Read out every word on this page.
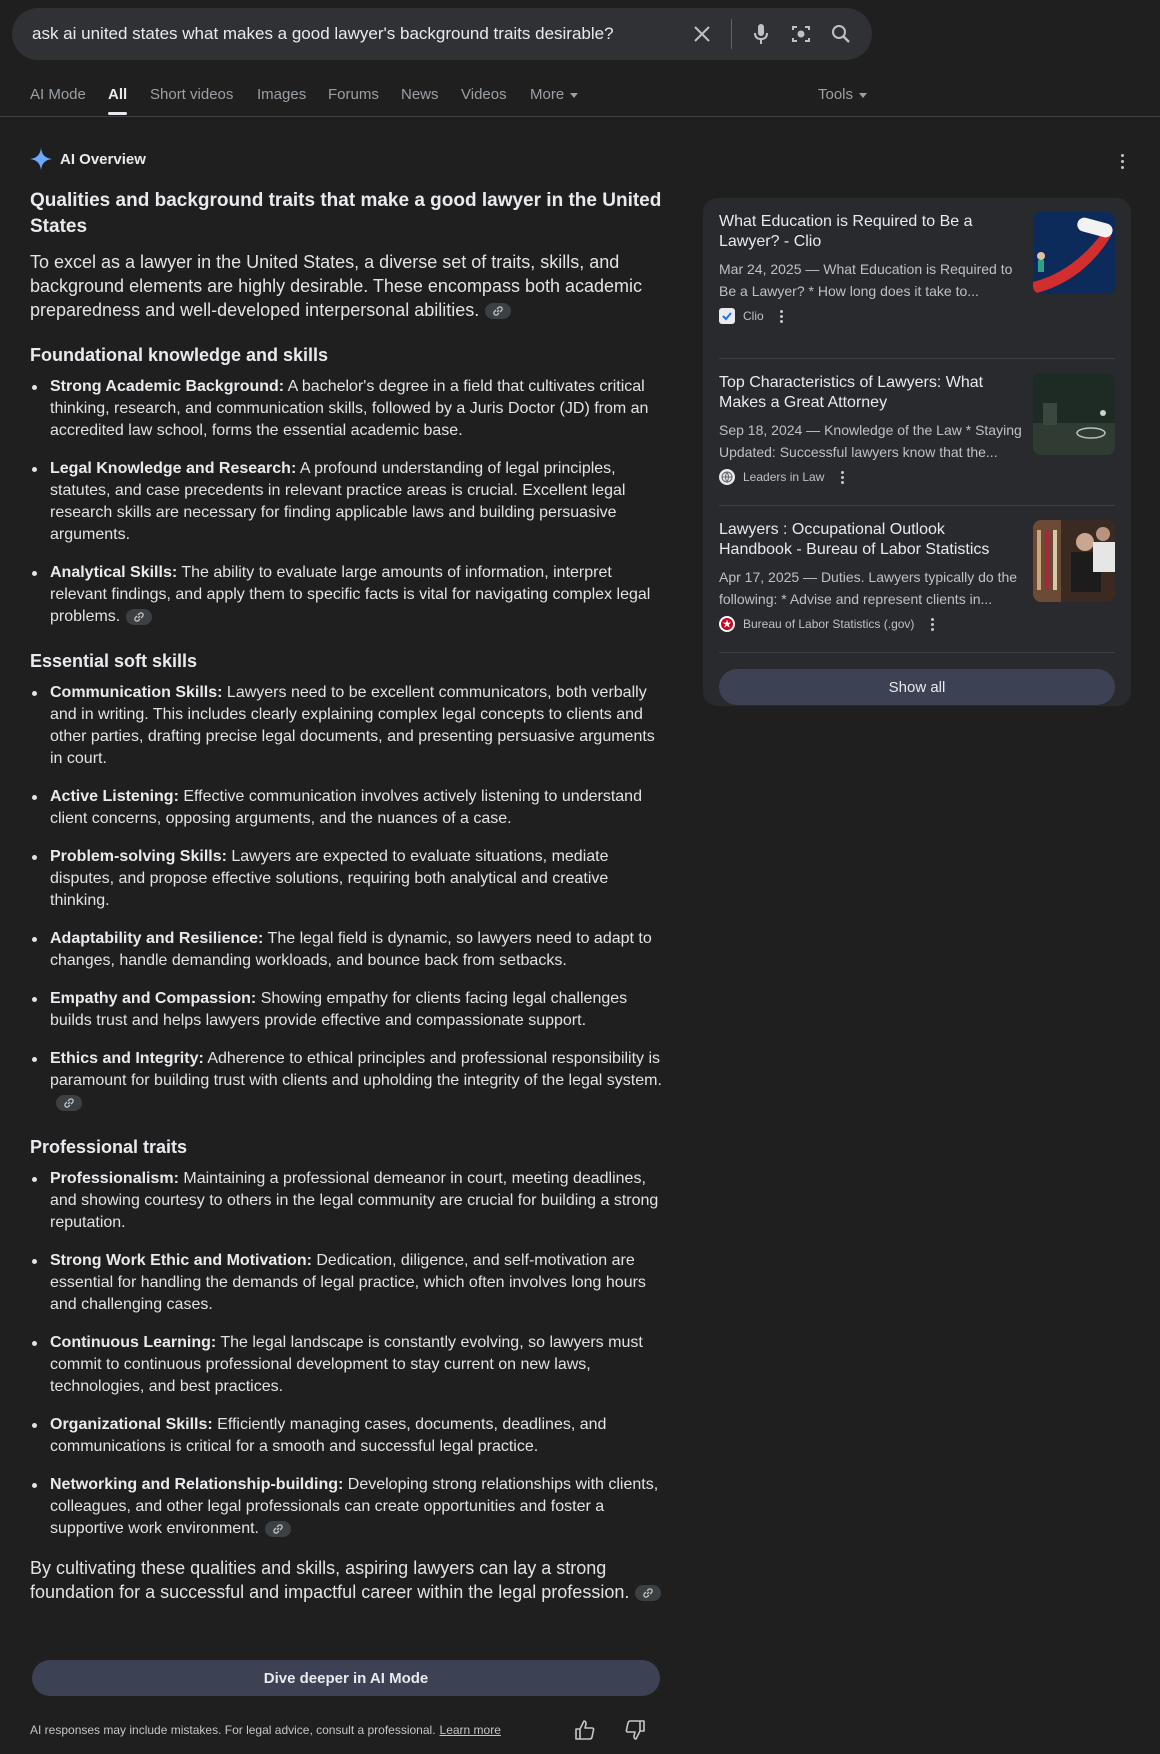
ask ai united states what makes a good lawyer's background traits desirable?
AI Mode All Short videos Images Forums News Videos More	Tools
AI Overview
Qualities and background traits that make a good lawyer in the United States

To excel as a lawyer in the United States, a diverse set of traits, skills, and background elements are highly desirable. These encompass both academic preparedness and well-developed interpersonal abilities.

Foundational knowledge and skills
Strong Academic Background: A bachelor's degree in a field that cultivates critical thinking, research, and communication skills, followed by a Juris Doctor (JD) from an accredited law school, forms the essential academic base.
Legal Knowledge and Research: A profound understanding of legal principles, statutes, and case precedents in relevant practice areas is crucial. Excellent legal research skills are necessary for finding applicable laws and building persuasive arguments.
Analytical Skills: The ability to evaluate large amounts of information, interpret relevant findings, and apply them to specific facts is vital for navigating complex legal problems.
Essential soft skills
Communication Skills: Lawyers need to be excellent communicators, both verbally and in writing. This includes clearly explaining complex legal concepts to clients and other parties, drafting precise legal documents, and presenting persuasive arguments in court.
Active Listening: Effective communication involves actively listening to understand client concerns, opposing arguments, and the nuances of a case.
Problem-solving Skills: Lawyers are expected to evaluate situations, mediate disputes, and propose effective solutions, requiring both analytical and creative thinking.
Adaptability and Resilience: The legal field is dynamic, so lawyers need to adapt to changes, handle demanding workloads, and bounce back from setbacks.
Empathy and Compassion: Showing empathy for clients facing legal challenges builds trust and helps lawyers provide effective and compassionate support.
Ethics and Integrity: Adherence to ethical principles and professional responsibility is paramount for building trust with clients and upholding the integrity of the legal system.
Professional traits
Professionalism: Maintaining a professional demeanor in court, meeting deadlines, and showing courtesy to others in the legal community are crucial for building a strong reputation.
Strong Work Ethic and Motivation: Dedication, diligence, and self-motivation are essential for handling the demands of legal practice, which often involves long hours and challenging cases.
Continuous Learning: The legal landscape is constantly evolving, so lawyers must commit to continuous professional development to stay current on new laws, technologies, and best practices.
Organizational Skills: Efficiently managing cases, documents, deadlines, and communications is critical for a smooth and successful legal practice.
Networking and Relationship-building: Developing strong relationships with clients, colleagues, and other legal professionals can create opportunities and foster a supportive work environment.

By cultivating these qualities and skills, aspiring lawyers can lay a strong foundation for a successful and impactful career within the legal profession.

Dive deeper in AI Mode
AI responses may include mistakes. For legal advice, consult a professional. Learn more
What Education is Required to Be a Lawyer? - Clio
Mar 24, 2025 — What Education is Required to Be a Lawyer? * How long does it take to...
Clio
Top Characteristics of Lawyers: What Makes a Great Attorney
Sep 18, 2024 — Knowledge of the Law * Staying Updated: Successful lawyers know that the...
Leaders in Law
Lawyers : Occupational Outlook Handbook - Bureau of Labor Statistics
Apr 17, 2025 — Duties. Lawyers typically do the following: * Advise and represent clients in...
Bureau of Labor Statistics (.gov)
Show all
